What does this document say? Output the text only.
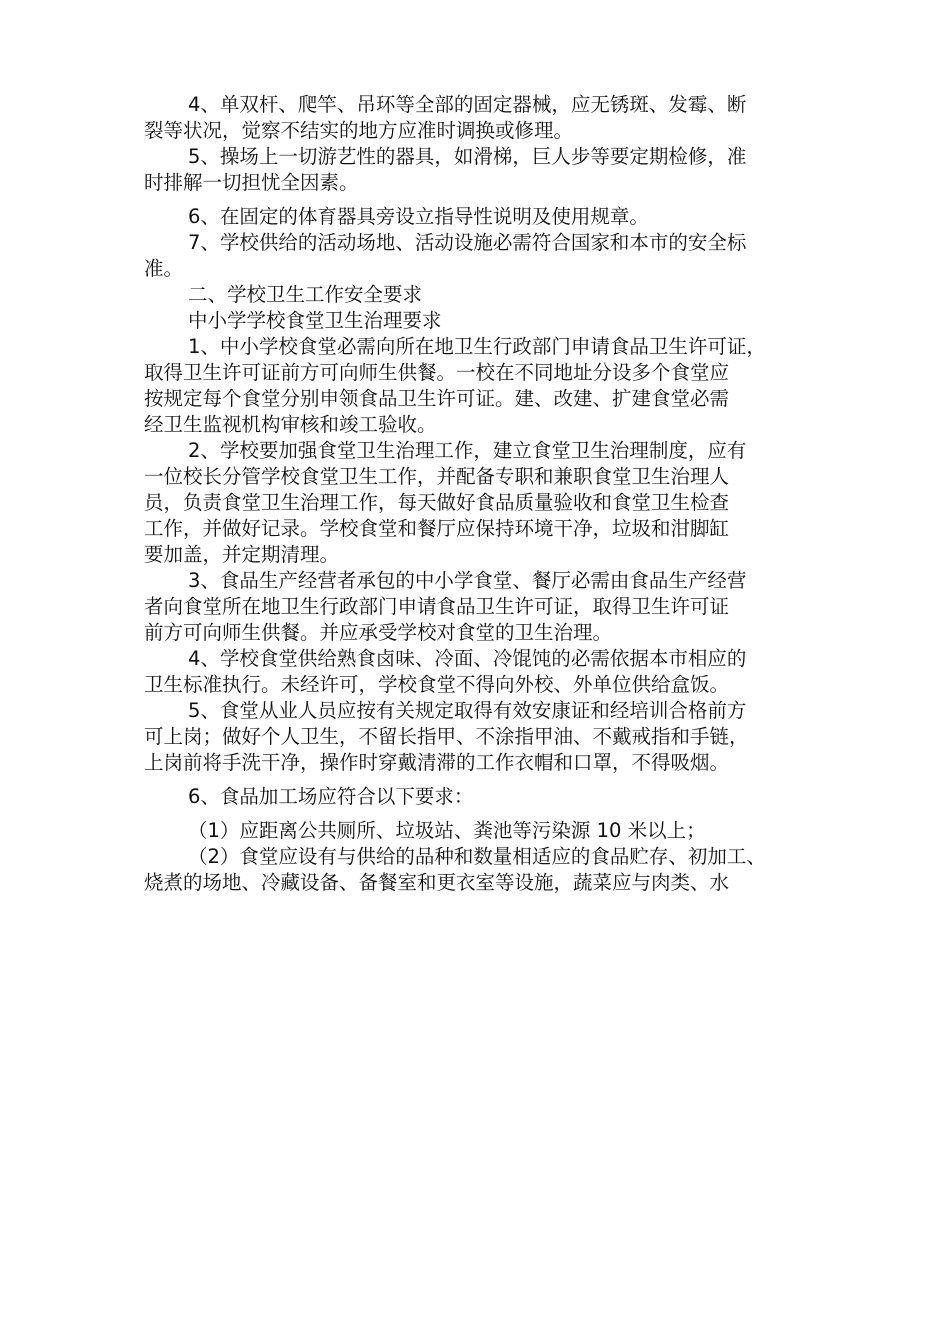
4、单双杆、爬竿、吊环等全部的固定器械，应无锈斑、发霉、断
裂等状况，觉察不结实的地方应准时调换或修理。
5、操场上一切游艺性的器具，如滑梯，巨人步等要定期检修，准
时排解一切担忧全因素。
6、在固定的体育器具旁设立指导性说明及使用规章。
7、学校供给的活动场地、活动设施必需符合国家和本市的安全标
准。
二、学校卫生工作安全要求
中小学学校食堂卫生治理要求
1、中小学校食堂必需向所在地卫生行政部门申请食品卫生许可证，
取得卫生许可证前方可向师生供餐。一校在不同地址分设多个食堂应
按规定每个食堂分别申领食品卫生许可证。建、改建、扩建食堂必需
经卫生监视机构审核和竣工验收。
2、学校要加强食堂卫生治理工作，建立食堂卫生治理制度，应有
一位校长分管学校食堂卫生工作，并配备专职和兼职食堂卫生治理人
员，负责食堂卫生治理工作，每天做好食品质量验收和食堂卫生检查
工作，并做好记录。学校食堂和餐厅应保持环境干净，垃圾和泔脚缸
要加盖，并定期清理。
3、食品生产经营者承包的中小学食堂、餐厅必需由食品生产经营
者向食堂所在地卫生行政部门申请食品卫生许可证，取得卫生许可证
前方可向师生供餐。并应承受学校对食堂的卫生治理。
4、学校食堂供给熟食卤味、冷面、冷馄饨的必需依据本市相应的
卫生标准执行。未经许可，学校食堂不得向外校、外单位供给盒饭。
5、食堂从业人员应按有关规定取得有效安康证和经培训合格前方
可上岗；做好个人卫生，不留长指甲、不涂指甲油、不戴戒指和手链，
上岗前将手洗干净，操作时穿戴清滞的工作衣帽和口罩，不得吸烟。
6、食品加工场应符合以下要求：
（1）应距离公共厕所、垃圾站、粪池等污染源 10 米以上；
（2）食堂应设有与供给的品种和数量相适应的食品贮存、初加工、
烧煮的场地、冷藏设备、备餐室和更衣室等设施，蔬菜应与肉类、水
